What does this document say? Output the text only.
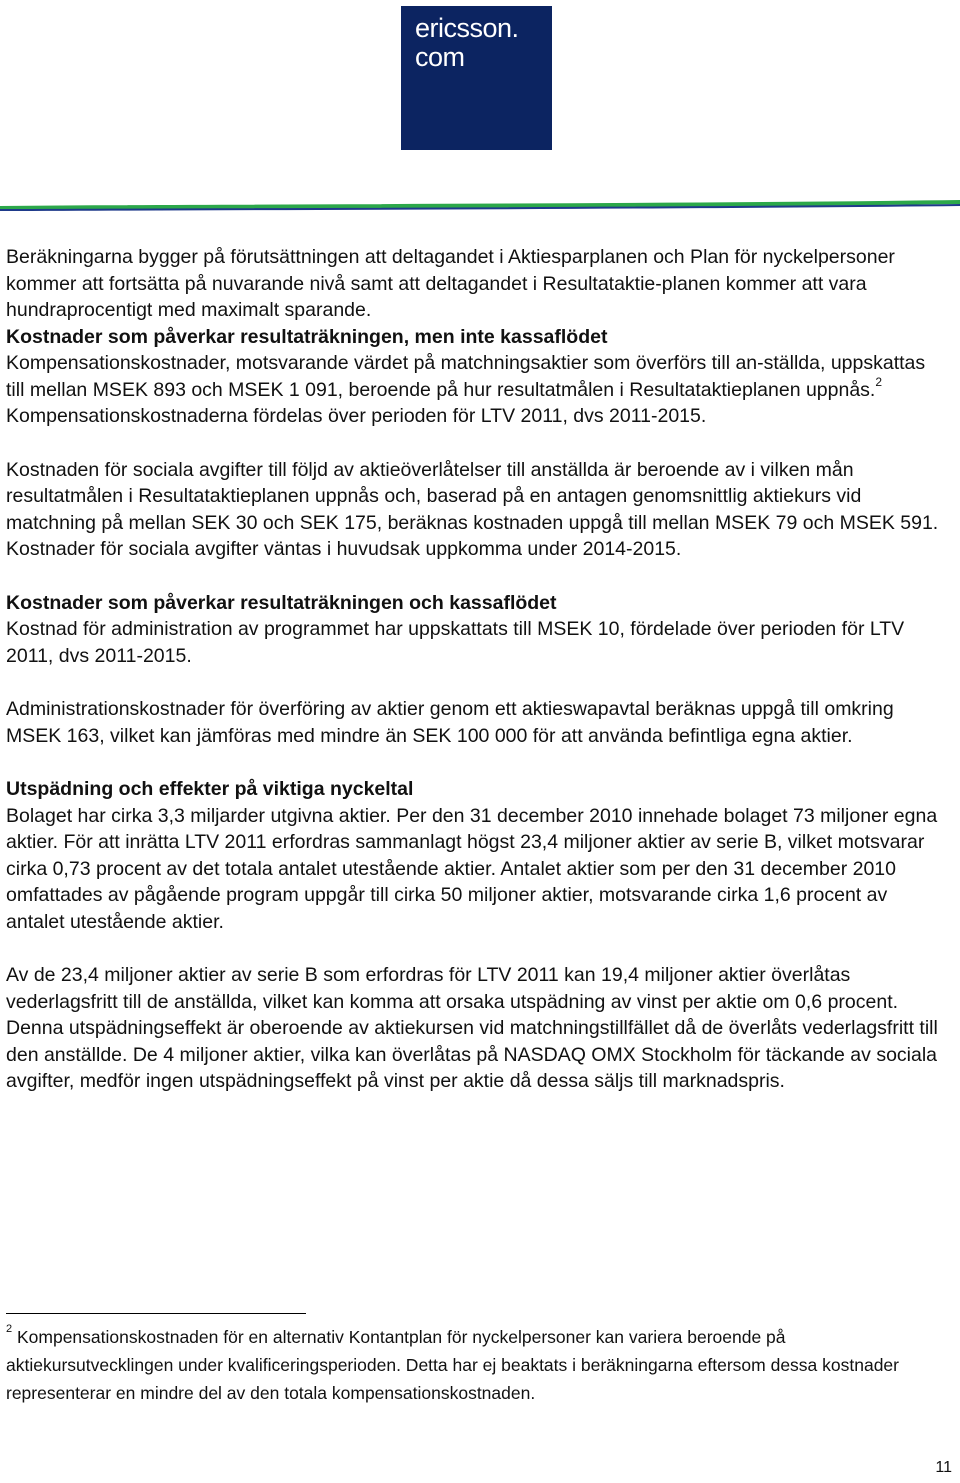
ericsson.
com

Beräkningarna bygger på förutsättningen att deltagandet i Aktiesparplanen och Plan för nyckelpersoner kommer att fortsätta på nuvarande nivå samt att deltagandet i Resultataktie-planen kommer att vara hundraprocentigt med maximalt sparande.

Kostnader som påverkar resultaträkningen, men inte kassaflödet

Kompensationskostnader, motsvarande värdet på matchningsaktier som överförs till an-ställda, uppskattas till mellan MSEK 893 och MSEK 1 091, beroende på hur resultatmålen i Resultataktieplanen uppnås.$^2$ Kompensationskostnaderna fördelas över perioden för LTV 2011, dvs 2011-2015.

Kostnaden för sociala avgifter till följd av aktieöverlåtelser till anställda är beroende av i vilken mån resultatmålen i Resultataktieplanen uppnås och, baserad på en antagen genomsnittlig aktiekurs vid matchning på mellan SEK 30 och SEK 175, beräknas kostnaden uppgå till mellan MSEK 79 och MSEK 591. Kostnader för sociala avgifter väntas i huvudsak uppkomma under 2014-2015.

Kostnader som påverkar resultaträkningen och kassaflödet

Kostnad för administration av programmet har uppskattats till MSEK 10, fördelade över perioden för LTV 2011, dvs 2011-2015.

Administrationskostnader för överföring av aktier genom ett aktieswapavtal beräknas uppgå till omkring MSEK 163, vilket kan jämföras med mindre än SEK 100 000 för att använda befintliga egna aktier.

Utspädning och effekter på viktiga nyckeltal

Bolaget har cirka 3,3 miljarder utgivna aktier. Per den 31 december 2010 innehade bolaget 73 miljoner egna aktier. För att inrätta LTV 2011 erfordras sammanlagt högst 23,4 miljoner aktier av serie B, vilket motsvarar cirka 0,73 procent av det totala antalet utestående aktier. Antalet aktier som per den 31 december 2010 omfattades av pågående program uppgår till cirka 50 miljoner aktier, motsvarande cirka 1,6 procent av antalet utestående aktier.

Av de 23,4 miljoner aktier av serie B som erfordras för LTV 2011 kan 19,4 miljoner aktier överlåtas vederlagsfritt till de anställda, vilket kan komma att orsaka utspädning av vinst per aktie om 0,6 procent. Denna utspädningseffekt är oberoende av aktiekursen vid matchningstillfället då de överlåts vederlagsfritt till den anställde. De 4 miljoner aktier, vilka kan överlåtas på NASDAQ OMX Stockholm för täckande av sociala avgifter, medför ingen utspädningseffekt på vinst per aktie då dessa säljs till marknadspris.

$^2$ Kompensationskostnaden för en alternativ Kontantplan för nyckelpersoner kan variera beroende på aktiekursutvecklingen under kvalificeringsperioden. Detta har ej beaktats i beräkningarna eftersom dessa kostnader representerar en mindre del av den totala kompensationskostnaden.
11
